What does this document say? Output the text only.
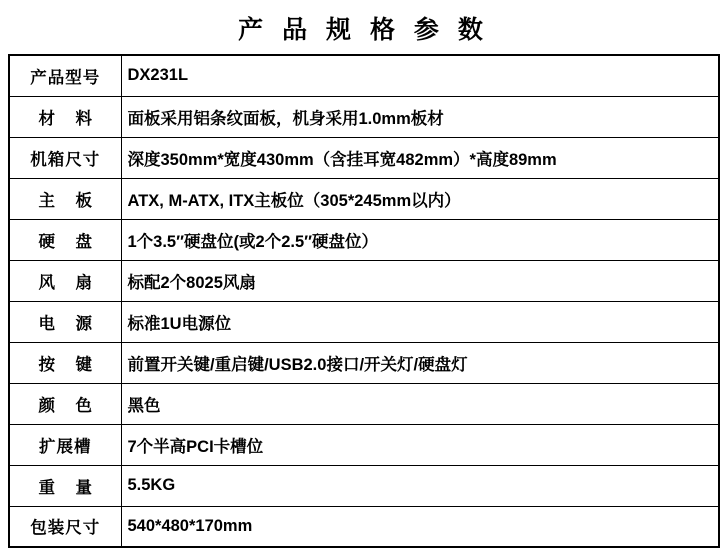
产 品 规 格 参 数
产品型号	DX231L
材 料	面板采用铝条纹面板，机身采用1.0mm板材
机箱尺寸	深度350mm*宽度430mm（含挂耳宽482mm）*高度89mm
主 板	ATX, M-ATX, ITX主板位（305*245mm以内）
硬 盘	1个3.5″硬盘位(或2个2.5″硬盘位）
风 扇	标配2个8025风扇
电 源	标准1U电源位
按 键	前置开关键/重启键/USB2.0接口/开关灯/硬盘灯
颜 色	黑色
扩展槽	7个半高PCI卡槽位
重 量	5.5KG
包装尺寸	540*480*170mm
